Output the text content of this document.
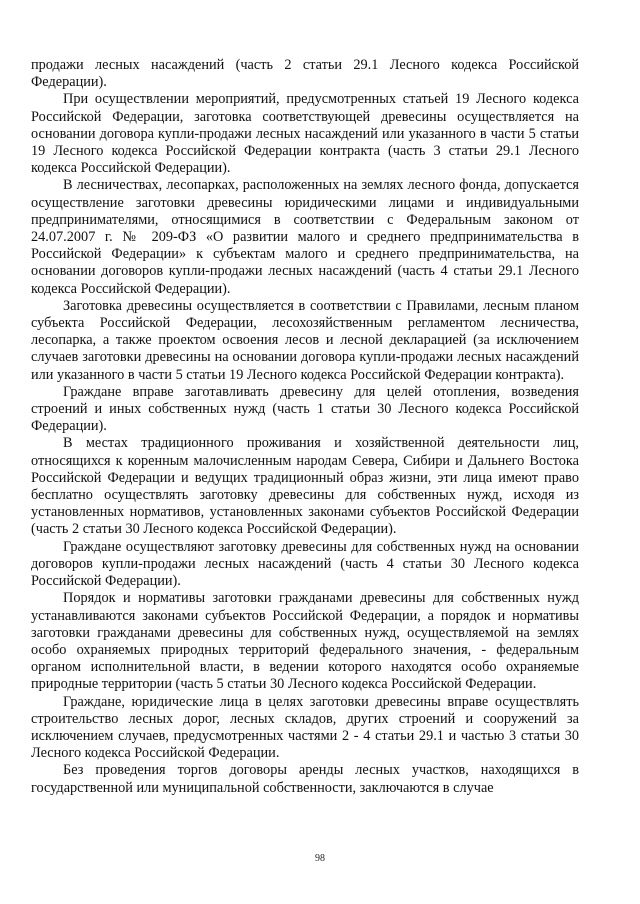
продажи лесных насаждений (часть 2 статьи 29.1 Лесного кодекса Российской Федерации).

При осуществлении мероприятий, предусмотренных статьей 19 Лесного кодекса Российской Федерации, заготовка соответствующей древесины осуществляется на основании договора купли-продажи лесных насаждений или указанного в части 5 статьи 19 Лесного кодекса Российской Федерации контракта (часть 3 статьи 29.1 Лесного кодекса Российской Федерации).

В лесничествах, лесопарках, расположенных на землях лесного фонда, допускается осуществление заготовки древесины юридическими лицами и индивидуальными предпринимателями, относящимися в соответствии с Федеральным законом от 24.07.2007 г. № 209-ФЗ «О развитии малого и среднего предпринимательства в Российской Федерации» к субъектам малого и среднего предпринимательства, на основании договоров купли-продажи лесных насаждений (часть 4 статьи 29.1 Лесного кодекса Российской Федерации).

Заготовка древесины осуществляется в соответствии с Правилами, лесным планом субъекта Российской Федерации, лесохозяйственным регламентом лесничества, лесопарка, а также проектом освоения лесов и лесной декларацией (за исключением случаев заготовки древесины на основании договора купли-продажи лесных насаждений или указанного в части 5 статьи 19 Лесного кодекса Российской Федерации контракта).

Граждане вправе заготавливать древесину для целей отопления, возведения строений и иных собственных нужд (часть 1 статьи 30 Лесного кодекса Российской Федерации).

В местах традиционного проживания и хозяйственной деятельности лиц, относящихся к коренным малочисленным народам Севера, Сибири и Дальнего Востока Российской Федерации и ведущих традиционный образ жизни, эти лица имеют право бесплатно осуществлять заготовку древесины для собственных нужд, исходя из установленных нормативов, установленных законами субъектов Российской Федерации (часть 2 статьи 30 Лесного кодекса Российской Федерации).

Граждане осуществляют заготовку древесины для собственных нужд на основании договоров купли-продажи лесных насаждений (часть 4 статьи 30 Лесного кодекса Российской Федерации).

Порядок и нормативы заготовки гражданами древесины для собственных нужд устанавливаются законами субъектов Российской Федерации, а порядок и нормативы заготовки гражданами древесины для собственных нужд, осуществляемой на землях особо охраняемых природных территорий федерального значения, - федеральным органом исполнительной власти, в ведении которого находятся особо охраняемые природные территории (часть 5 статьи 30 Лесного кодекса Российской Федерации.

Граждане, юридические лица в целях заготовки древесины вправе осуществлять строительство лесных дорог, лесных складов, других строений и сооружений за исключением случаев, предусмотренных частями 2 - 4 статьи 29.1 и частью 3 статьи 30 Лесного кодекса Российской Федерации.

Без проведения торгов договоры аренды лесных участков, находящихся в государственной или муниципальной собственности, заключаются в случае

98
